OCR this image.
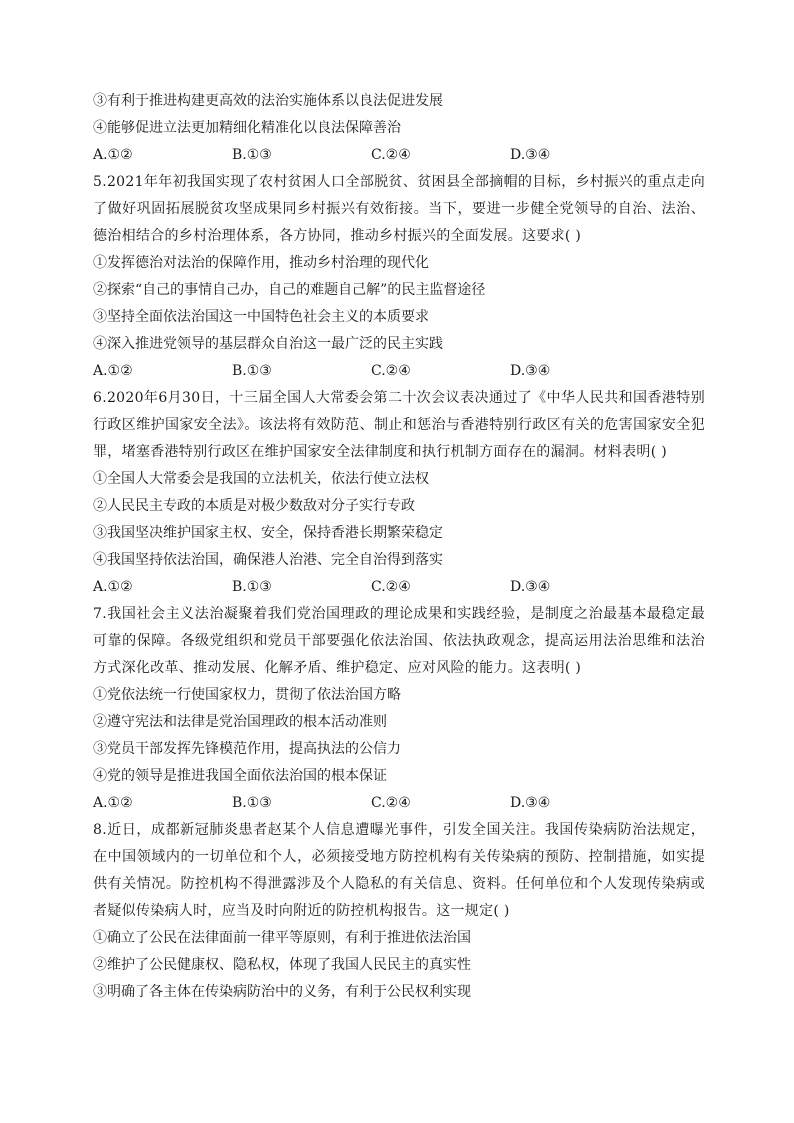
③有利于推进构建更高效的法治实施体系以良法促进发展
④能够促进立法更加精细化精准化以良法保障善治
A.①②	B.①③	C.②④	D.③④
5.2021年年初我国实现了农村贫困人口全部脱贫、贫困县全部摘帽的目标，乡村振兴的重点走向了做好巩固拓展脱贫攻坚成果同乡村振兴有效衔接。当下，要进一步健全党领导的自治、法治、德治相结合的乡村治理体系，各方协同，推动乡村振兴的全面发展。这要求( )
①发挥德治对法治的保障作用，推动乡村治理的现代化
②探索“自己的事情自己办，自己的难题自己解”的民主监督途径
③坚持全面依法治国这一中国特色社会主义的本质要求
④深入推进党领导的基层群众自治这一最广泛的民主实践
A.①②	B.①③	C.②④	D.③④
6.2020年6月30日，十三届全国人大常委会第二十次会议表决通过了《中华人民共和国香港特别行政区维护国家安全法》。该法将有效防范、制止和惩治与香港特别行政区有关的危害国家安全犯罪，堵塞香港特别行政区在维护国家安全法律制度和执行机制方面存在的漏洞。材料表明( )
①全国人大常委会是我国的立法机关，依法行使立法权
②人民民主专政的本质是对极少数敌对分子实行专政
③我国坚决维护国家主权、安全，保持香港长期繁荣稳定
④我国坚持依法治国，确保港人治港、完全自治得到落实
A.①②	B.①③	C.②④	D.③④
7.我国社会主义法治凝聚着我们党治国理政的理论成果和实践经验，是制度之治最基本最稳定最可靠的保障。各级党组织和党员干部要强化依法治国、依法执政观念，提高运用法治思维和法治方式深化改革、推动发展、化解矛盾、维护稳定、应对风险的能力。这表明( )
①党依法统一行使国家权力，贯彻了依法治国方略
②遵守宪法和法律是党治国理政的根本活动准则
③党员干部发挥先锋模范作用，提高执法的公信力
④党的领导是推进我国全面依法治国的根本保证
A.①②	B.①③	C.②④	D.③④
8.近日，成都新冠肺炎患者赵某个人信息遭曝光事件，引发全国关注。我国传染病防治法规定，在中国领域内的一切单位和个人，必须接受地方防控机构有关传染病的预防、控制措施，如实提供有关情况。防控机构不得泄露涉及个人隐私的有关信息、资料。任何单位和个人发现传染病或者疑似传染病人时，应当及时向附近的防控机构报告。这一规定( )
①确立了公民在法律面前一律平等原则，有利于推进依法治国
②维护了公民健康权、隐私权，体现了我国人民民主的真实性
③明确了各主体在传染病防治中的义务，有利于公民权利实现
